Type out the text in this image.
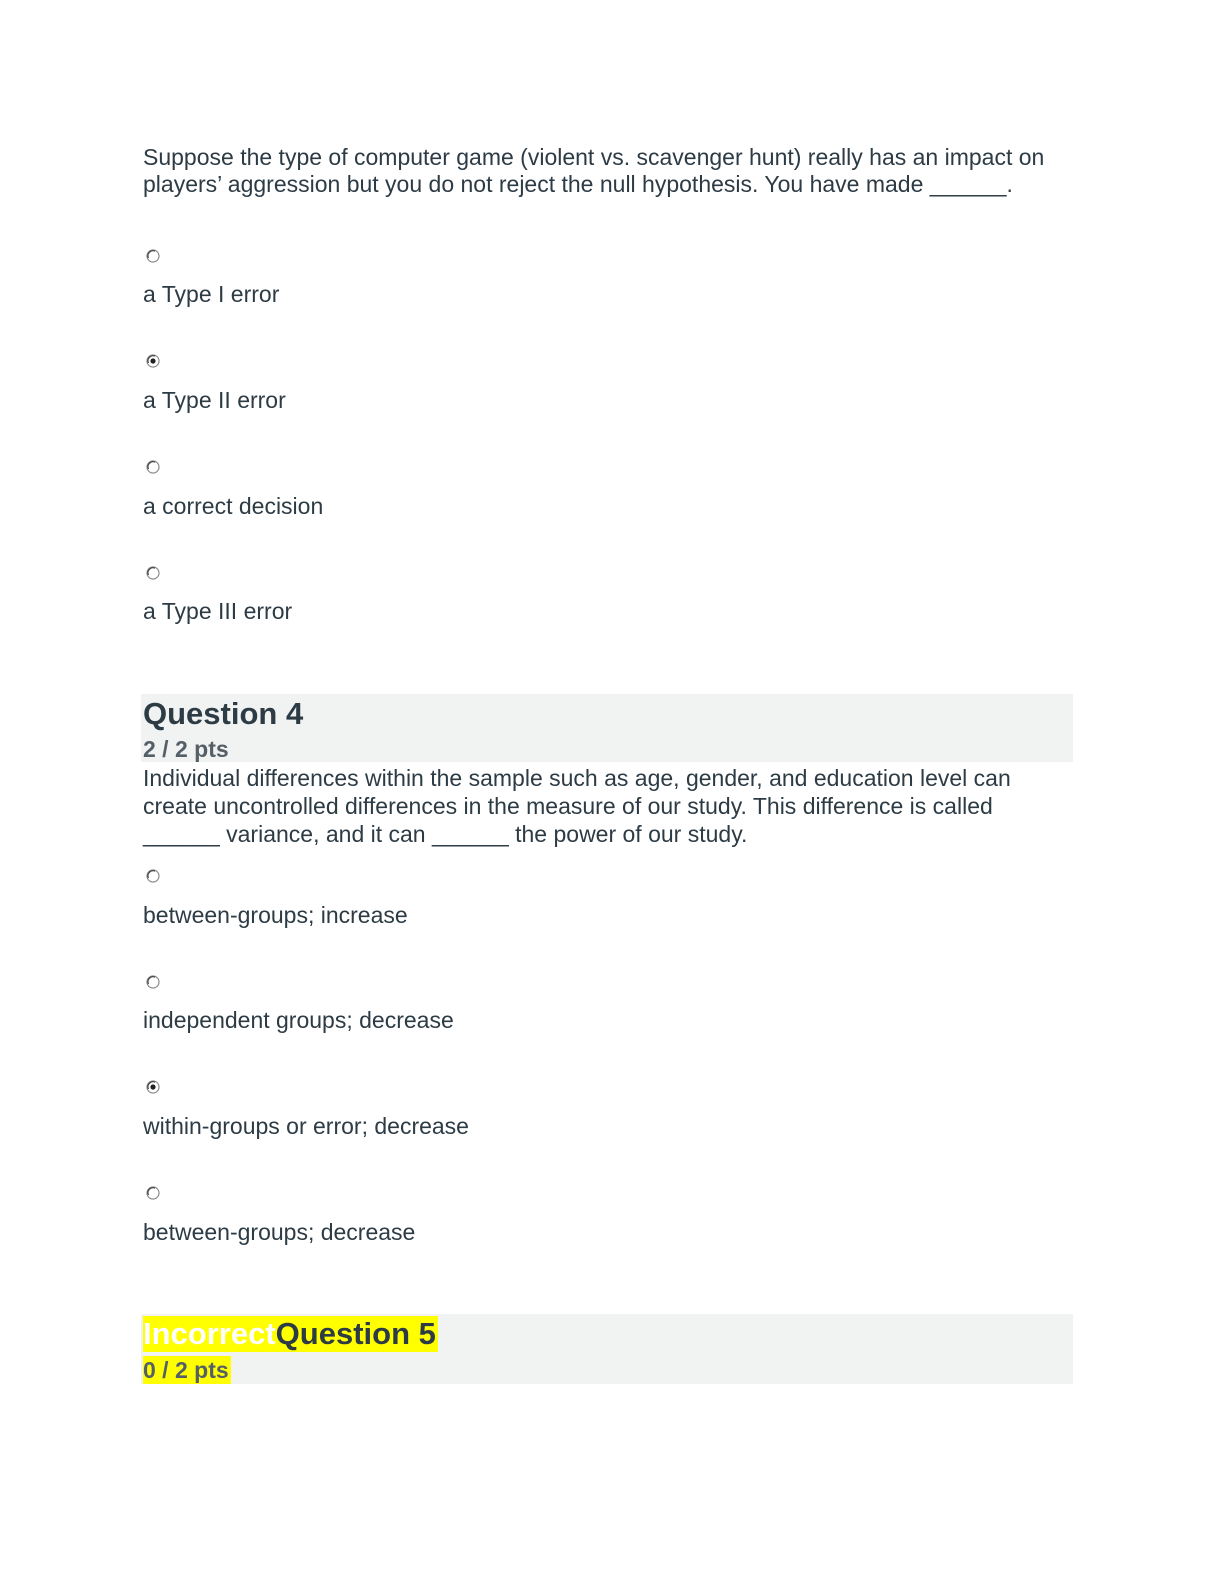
Suppose the type of computer game (violent vs. scavenger hunt) really has an impact on players’ aggression but you do not reject the null hypothesis. You have made ______.
a Type I error
a Type II error
a correct decision
a Type III error
Question 4
2 / 2 pts
Individual differences within the sample such as age, gender, and education level can create uncontrolled differences in the measure of our study. This difference is called ______ variance, and it can ______ the power of our study.
between-groups; increase
independent groups; decrease
within-groups or error; decrease
between-groups; decrease
IncorrectQuestion 5
0 / 2 pts
